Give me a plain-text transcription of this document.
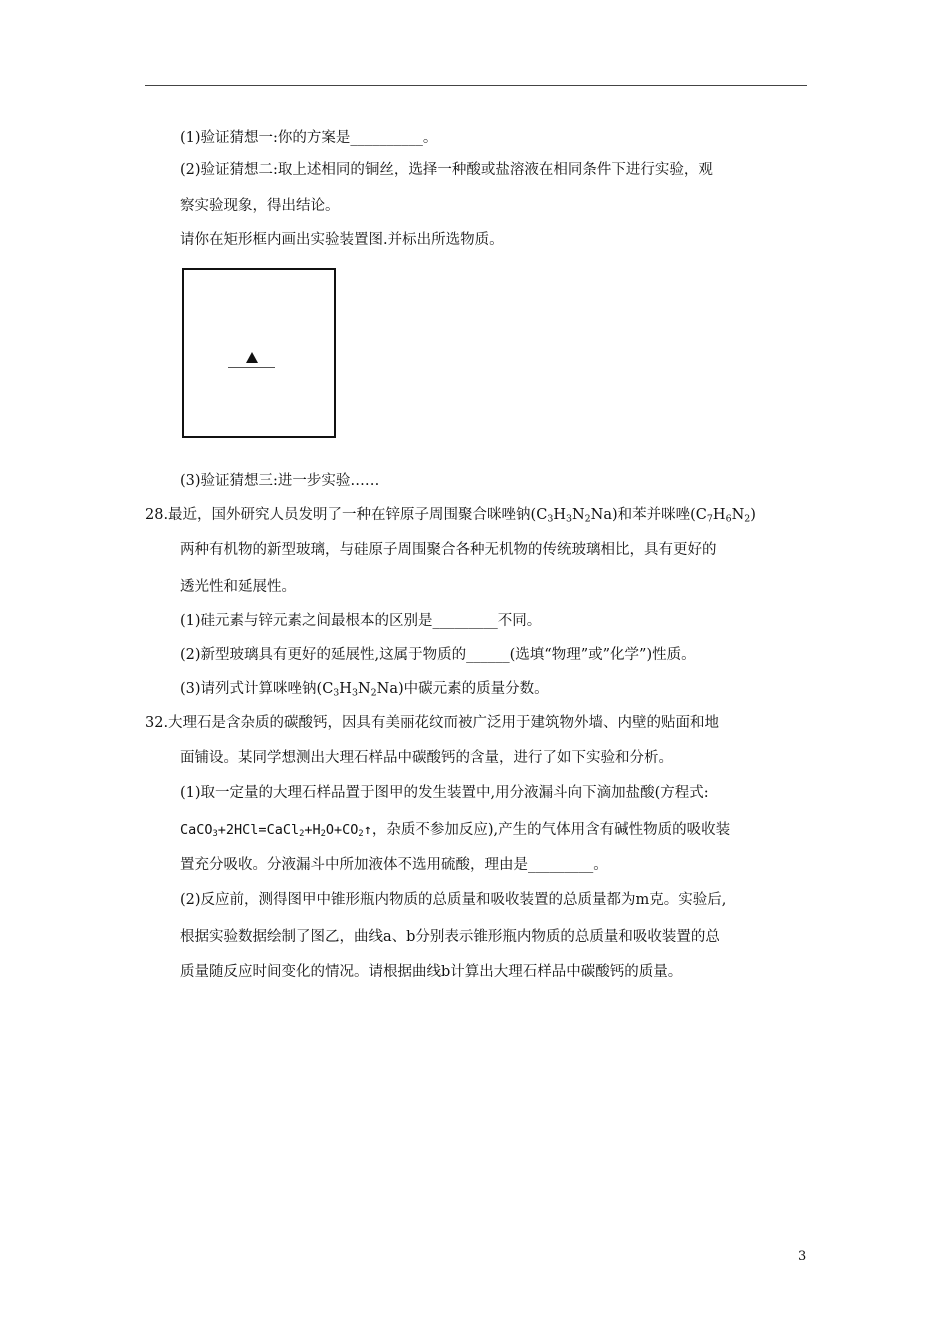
(1)验证猜想一:你的方案是__________。
(2)验证猜想二:取上述相同的铜丝，选择一种酸或盐溶液在相同条件下进行实验，观
察实验现象，得出结论。
请你在矩形框内画出实验装置图.并标出所选物质。
(3)验证猜想三:进一步实验……
28.最近，国外研究人员发明了一种在锌原子周围聚合咪唑钠$(C_3H_3N_2Na)$和苯并咪唑$(C_7H_6N_2)$
两种有机物的新型玻璃，与硅原子周围聚合各种无机物的传统玻璃相比，具有更好的
透光性和延展性。
(1)硅元素与锌元素之间最根本的区别是_________不同。
(2)新型玻璃具有更好的延展性,这属于物质的______(选填“物理”或”化学”)性质。
(3)请列式计算咪唑钠$(C_3H_3N_2Na)$中碳元素的质量分数。
32.大理石是含杂质的碳酸钙，因具有美丽花纹而被广泛用于建筑物外墙、内壁的贴面和地
面铺设。某同学想测出大理石样品中碳酸钙的含量，进行了如下实验和分析。
(1)取一定量的大理石样品置于图甲的发生装置中,用分液漏斗向下滴加盐酸(方程式:
$CaCO_3+2HCl=CaCl_2+H_2O+CO_2↑$，杂质不参加反应),产生的气体用含有碱性物质的吸收装
置充分吸收。分液漏斗中所加液体不选用硫酸，理由是_________。
(2)反应前，测得图甲中锥形瓶内物质的总质量和吸收装置的总质量都为m克。实验后,
根据实验数据绘制了图乙，曲线a、b分别表示锥形瓶内物质的总质量和吸收装置的总
质量随反应时间变化的情况。请根据曲线b计算出大理石样品中碳酸钙的质量。
3
